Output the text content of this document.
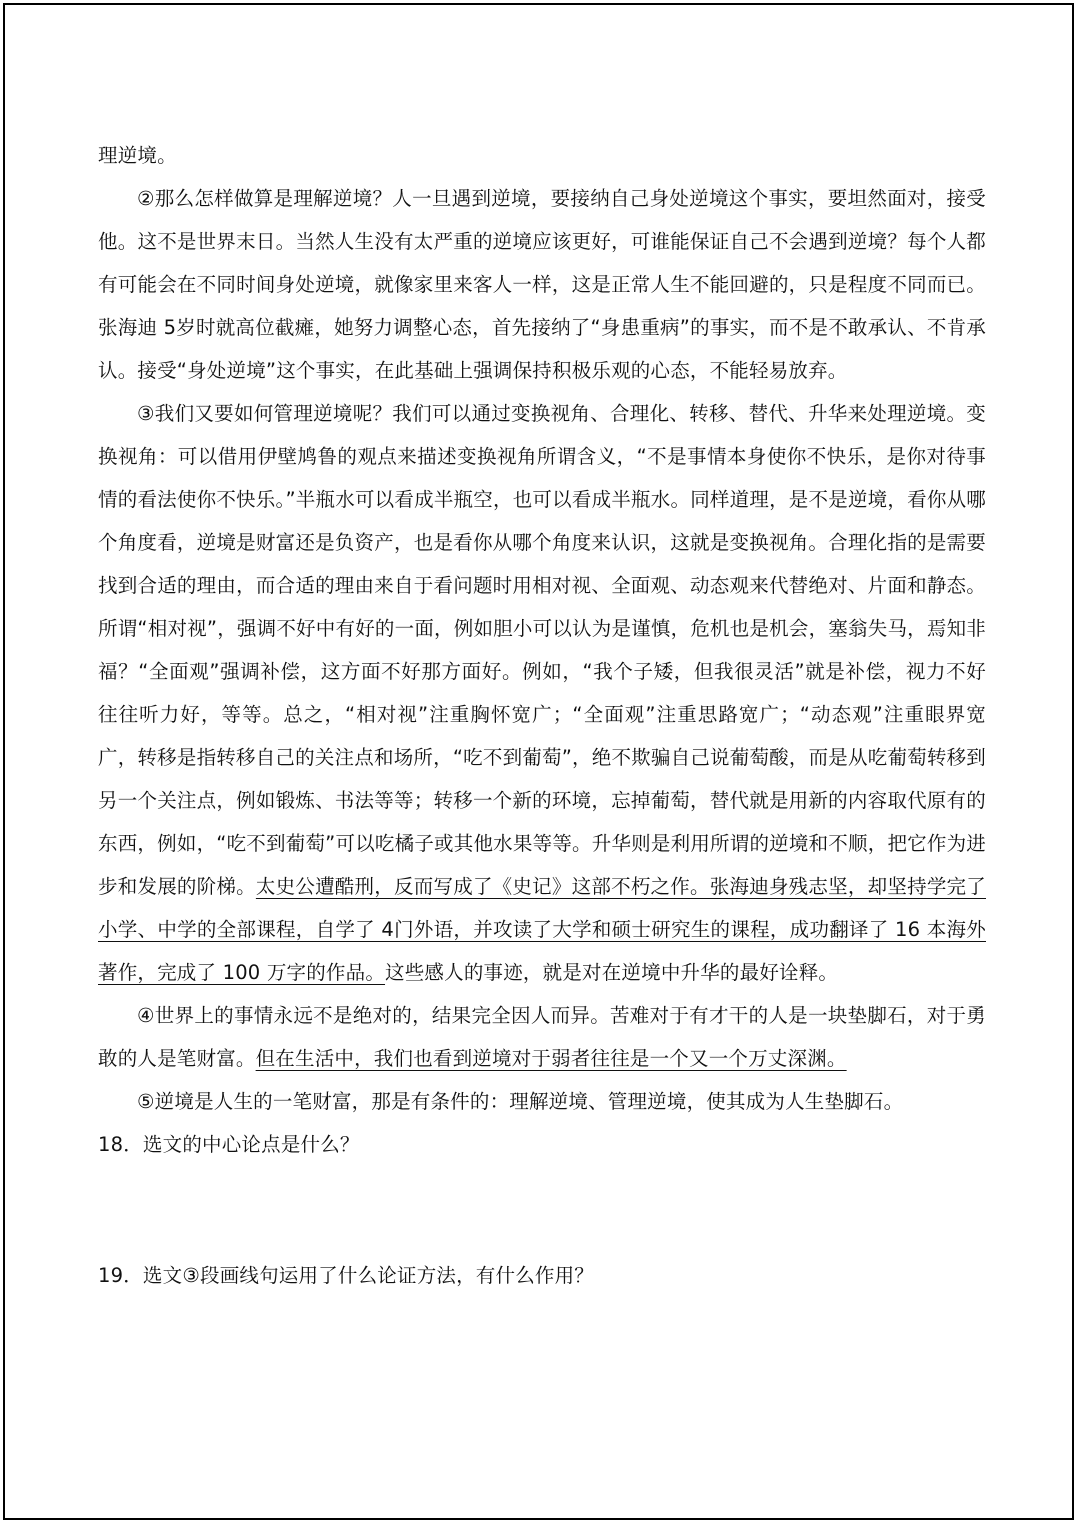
理逆境。

②那么怎样做算是理解逆境？人一旦遇到逆境，要接纳自己身处逆境这个事实，要坦然面对，接受他。这不是世界末日。当然人生没有太严重的逆境应该更好，可谁能保证自己不会遇到逆境？每个人都有可能会在不同时间身处逆境，就像家里来客人一样，这是正常人生不能回避的，只是程度不同而已。张海迪 5岁时就高位截瘫，她努力调整心态，首先接纳了“身患重病”的事实，而不是不敢承认、不肯承认。接受“身处逆境”这个事实，在此基础上强调保持积极乐观的心态，不能轻易放弃。

③我们又要如何管理逆境呢？我们可以通过变换视角、合理化、转移、替代、升华来处理逆境。变换视角：可以借用伊壁鸠鲁的观点来描述变换视角所谓含义，“不是事情本身使你不快乐，是你对待事情的看法使你不快乐。”半瓶水可以看成半瓶空，也可以看成半瓶水。同样道理，是不是逆境，看你从哪个角度看，逆境是财富还是负资产，也是看你从哪个角度来认识，这就是变换视角。合理化指的是需要找到合适的理由，而合适的理由来自于看问题时用相对视、全面观、动态观来代替绝对、片面和静态。所谓“相对视”，强调不好中有好的一面，例如胆小可以认为是谨慎，危机也是机会，塞翁失马，焉知非福？“全面观”强调补偿，这方面不好那方面好。例如，“我个子矮，但我很灵活”就是补偿，视力不好往往听力好，等等。总之，“相对视”注重胸怀宽广；“全面观”注重思路宽广；“动态观”注重眼界宽广，转移是指转移自己的关注点和场所，“吃不到葡萄”，绝不欺骗自己说葡萄酸，而是从吃葡萄转移到另一个关注点，例如锻炼、书法等等；转移一个新的环境，忘掉葡萄，替代就是用新的内容取代原有的东西，例如，“吃不到葡萄”可以吃橘子或其他水果等等。升华则是利用所谓的逆境和不顺，把它作为进步和发展的阶梯。太史公遭酷刑，反而写成了《史记》这部不朽之作。张海迪身残志坚，却坚持学完了小学、中学的全部课程，自学了 4门外语，并攻读了大学和硕士研究生的课程，成功翻译了 16 本海外著作，完成了 100 万字的作品。这些感人的事迹，就是对在逆境中升华的最好诠释。

④世界上的事情永远不是绝对的，结果完全因人而异。苦难对于有才干的人是一块垫脚石，对于勇敢的人是笔财富。但在生活中，我们也看到逆境对于弱者往往是一个又一个万丈深渊。

⑤逆境是人生的一笔财富，那是有条件的：理解逆境、管理逆境，使其成为人生垫脚石。

18．选文的中心论点是什么？

19．选文③段画线句运用了什么论证方法，有什么作用？
